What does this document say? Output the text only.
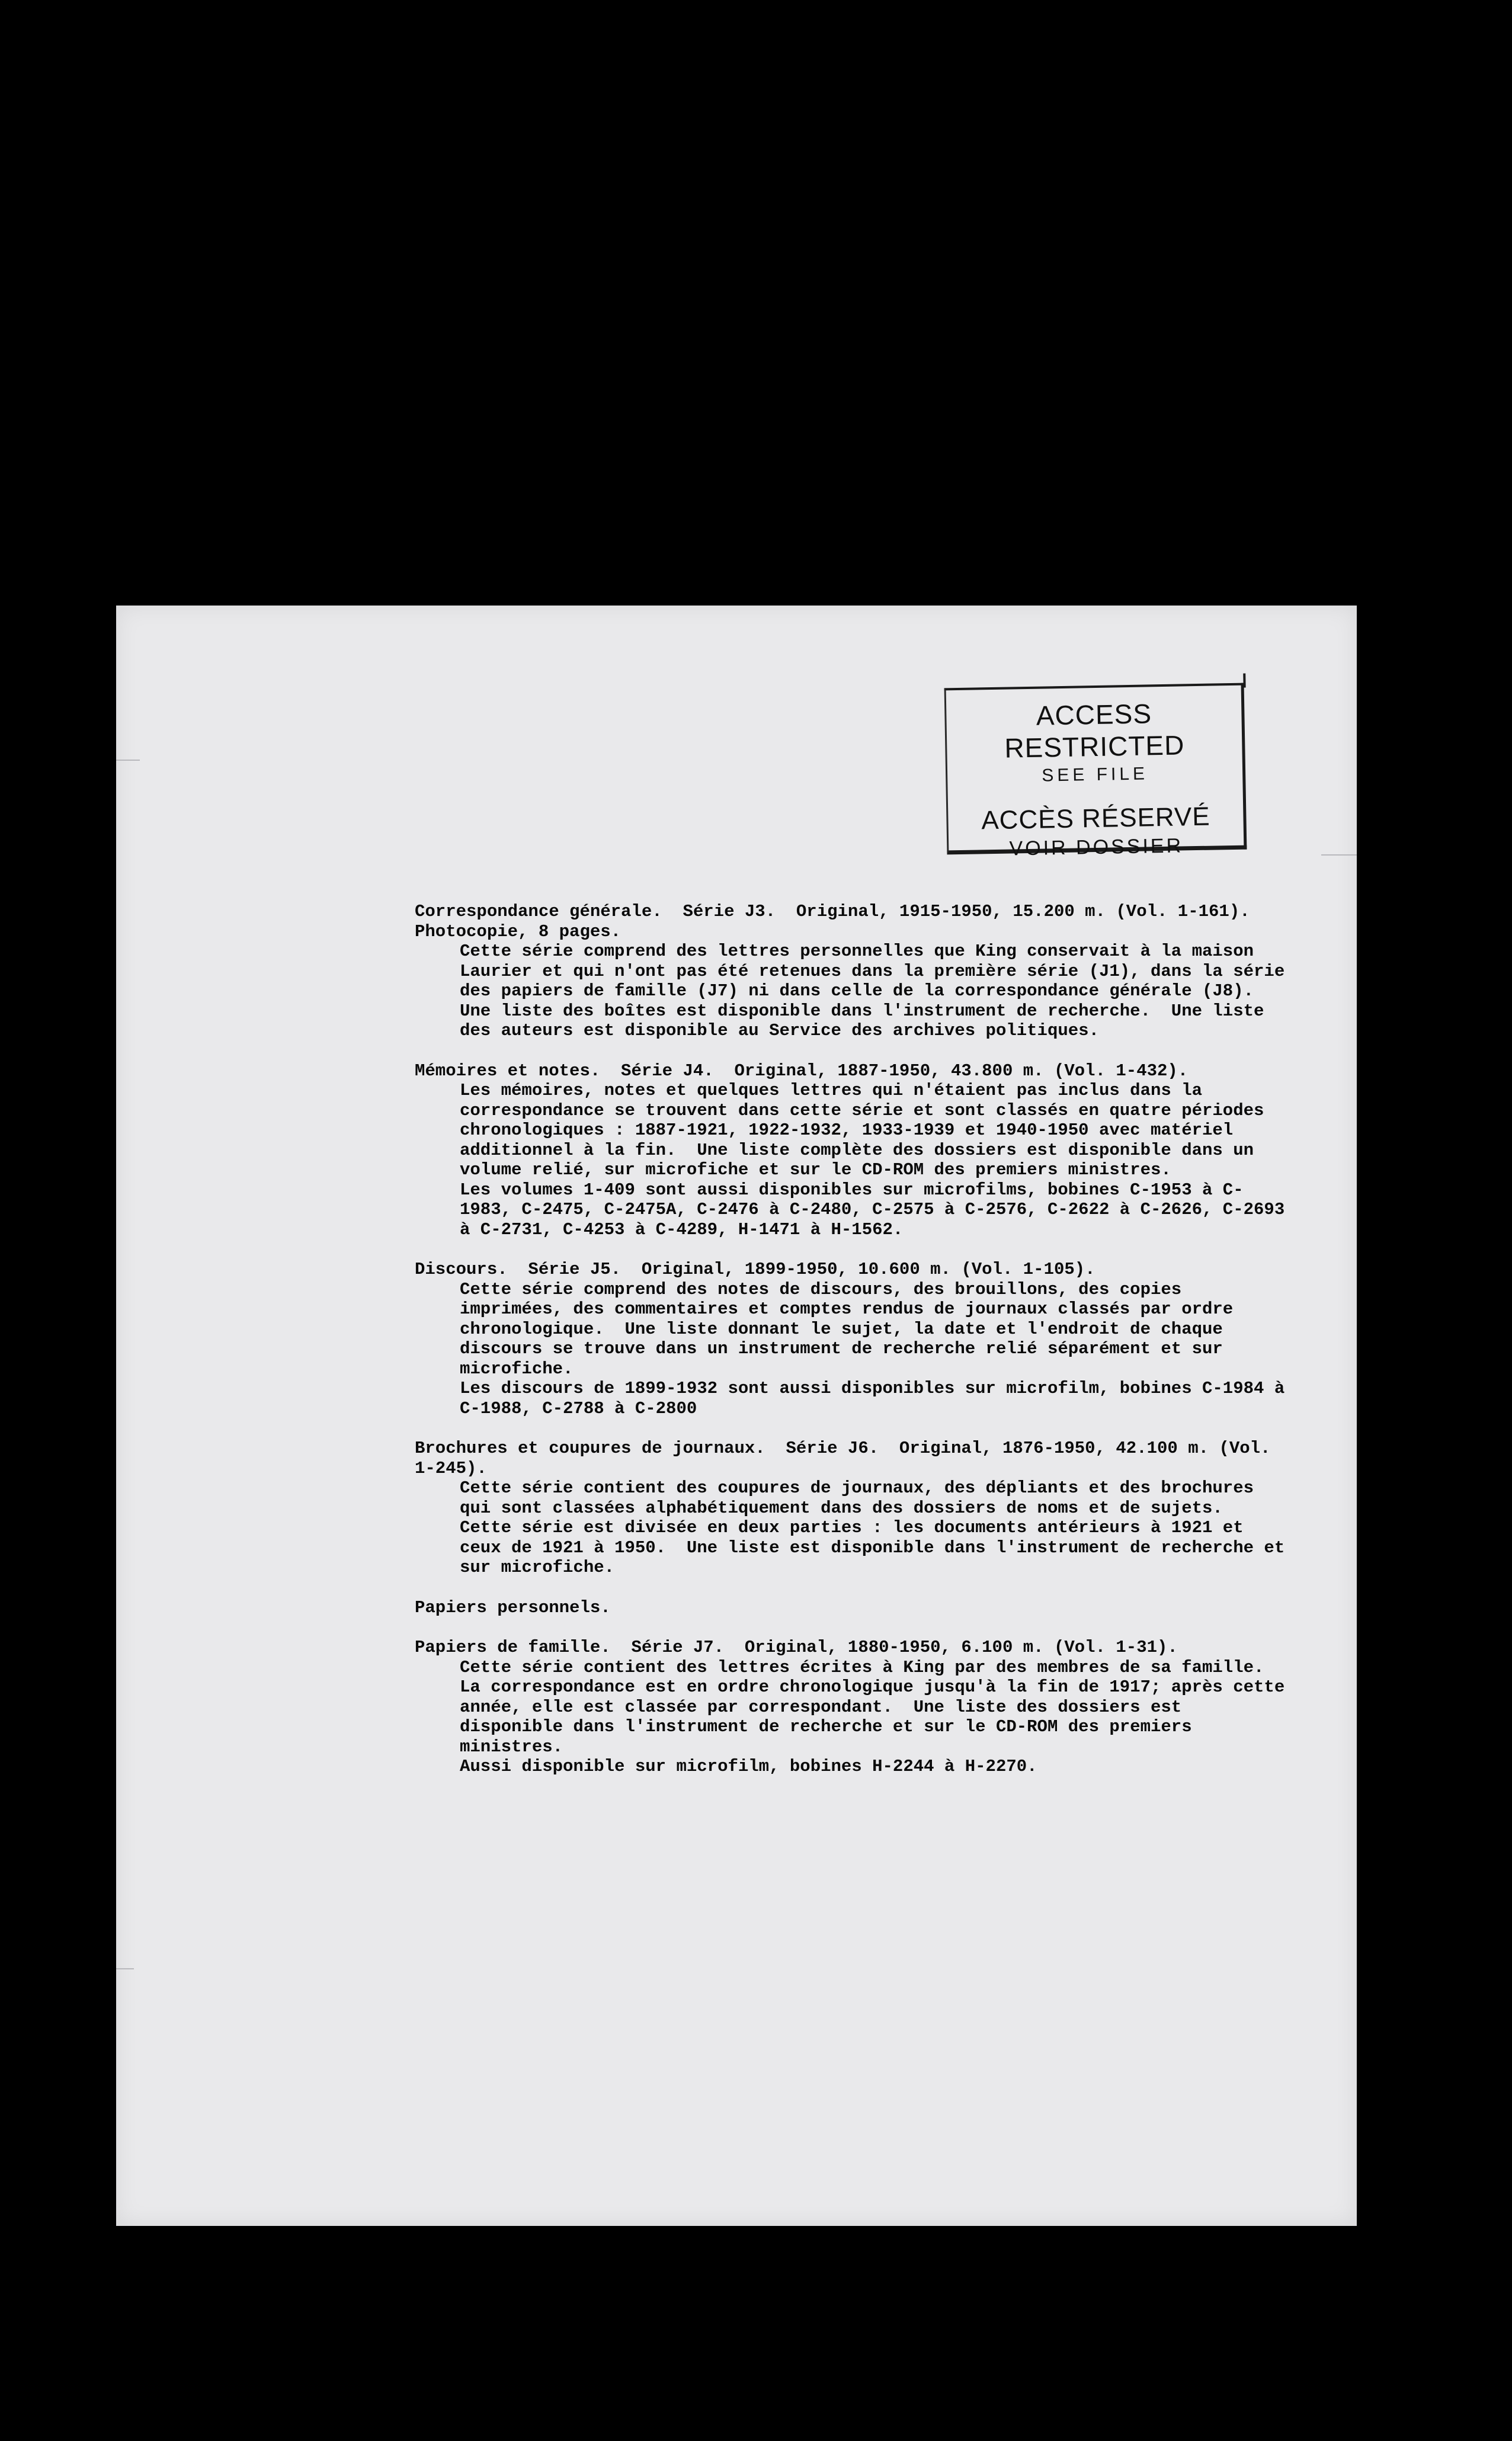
ACCESS RESTRICTED
SEE FILE
ACCÈS RÉSERVÉ
VOIR DOSSIER
Correspondance générale.  Série J3.  Original, 1915-1950, 15.200 m. (Vol. 1-161).  Photocopie, 8 pages.

Cette série comprend des lettres personnelles que King conservait à la maison Laurier et qui n'ont pas été retenues dans la première série (J1), dans la série des papiers de famille (J7) ni dans celle de la correspondance générale (J8).  Une liste des boîtes est disponible dans l'instrument de recherche.  Une liste des auteurs est disponible au Service des archives politiques.

Mémoires et notes.  Série J4.  Original, 1887-1950, 43.800 m. (Vol. 1-432).

Les mémoires, notes et quelques lettres qui n'étaient pas inclus dans la correspondance se trouvent dans cette série et sont classés en quatre périodes chronologiques : 1887-1921, 1922-1932, 1933-1939 et 1940-1950 avec matériel additionnel à la fin.  Une liste complète des dossiers est disponible dans un volume relié, sur microfiche et sur le CD-ROM des premiers ministres.

Les volumes 1-409 sont aussi disponibles sur microfilms, bobines C-1953 à C-1983, C-2475, C-2475A, C-2476 à C-2480, C-2575 à C-2576, C-2622 à C-2626, C-2693 à C-2731, C-4253 à C-4289, H-1471 à H-1562.

Discours.  Série J5.  Original, 1899-1950, 10.600 m. (Vol. 1-105).

Cette série comprend des notes de discours, des brouillons, des copies imprimées, des commentaires et comptes rendus de journaux classés par ordre chronologique.  Une liste donnant le sujet, la date et l'endroit de chaque discours se trouve dans un instrument de recherche relié séparément et sur microfiche.

Les discours de 1899-1932 sont aussi disponibles sur microfilm, bobines C-1984 à C-1988, C-2788 à C-2800

Brochures et coupures de journaux.  Série J6.  Original, 1876-1950, 42.100 m. (Vol. 1-245).

Cette série contient des coupures de journaux, des dépliants et des brochures qui sont classées alphabétiquement dans des dossiers de noms et de sujets.  Cette série est divisée en deux parties : les documents antérieurs à 1921 et ceux de 1921 à 1950.  Une liste est disponible dans l'instrument de recherche et sur microfiche.

Papiers personnels.
Papiers de famille.  Série J7.  Original, 1880-1950, 6.100 m. (Vol. 1-31).

Cette série contient des lettres écrites à King par des membres de sa famille.  La correspondance est en ordre chronologique jusqu'à la fin de 1917; après cette année, elle est classée par correspondant.  Une liste des dossiers est disponible dans l'instrument de recherche et sur le CD-ROM des premiers ministres.

Aussi disponible sur microfilm, bobines H-2244 à H-2270.
